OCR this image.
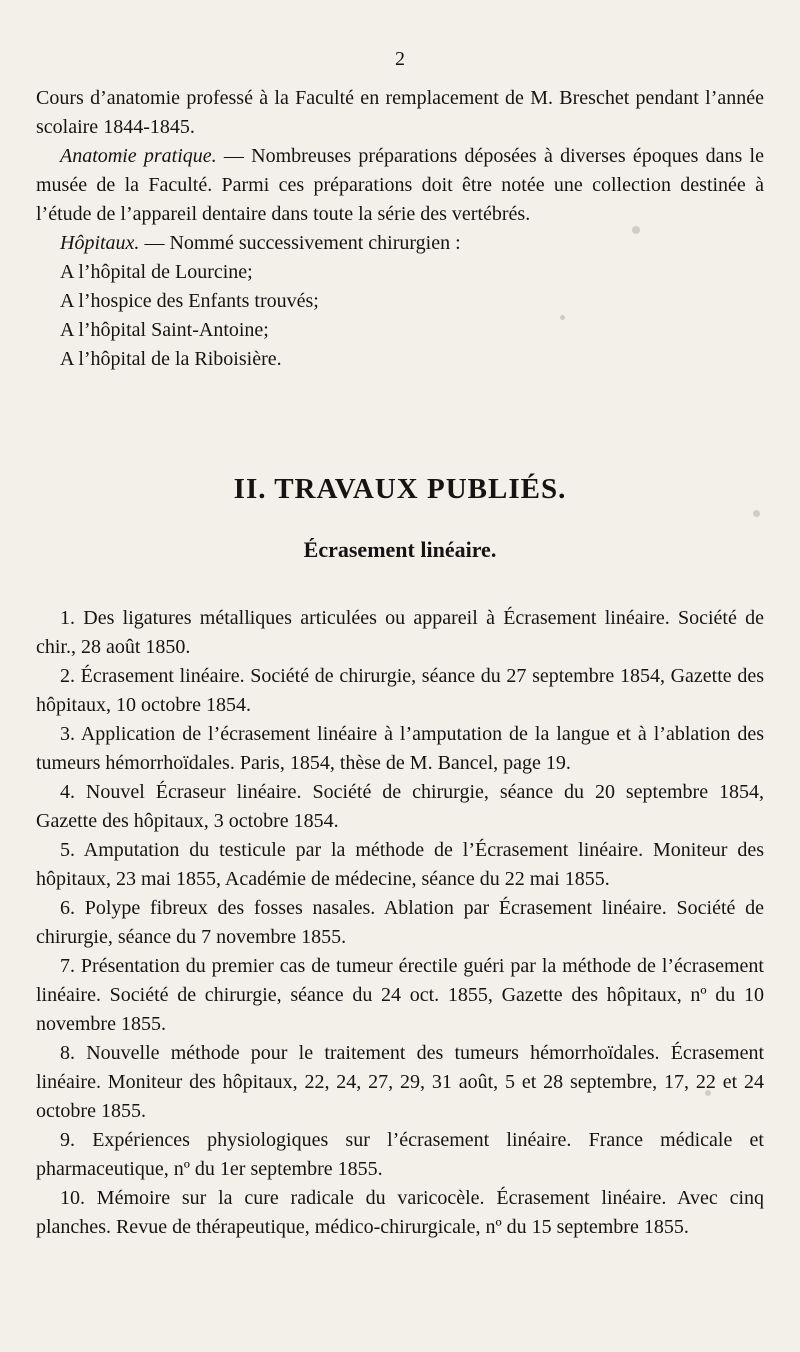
2

Cours d’anatomie professé à la Faculté en remplacement de M. Breschet pendant l’année scolaire 1844-1845.

Anatomie pratique. — Nombreuses préparations déposées à diverses époques dans le musée de la Faculté. Parmi ces préparations doit être notée une collection destinée à l’étude de l’appareil dentaire dans toute la série des vertébrés.

Hôpitaux. — Nommé successivement chirurgien :

A l’hôpital de Lourcine;
A l’hospice des Enfants trouvés;
A l’hôpital Saint-Antoine;
A l’hôpital de la Riboisière.
II. TRAVAUX PUBLIÉS.
Écrasement linéaire.

1. Des ligatures métalliques articulées ou appareil à Écrasement linéaire. Société de chir., 28 août 1850.

2. Écrasement linéaire. Société de chirurgie, séance du 27 septembre 1854, Gazette des hôpitaux, 10 octobre 1854.

3. Application de l’écrasement linéaire à l’amputation de la langue et à l’ablation des tumeurs hémorrhoïdales. Paris, 1854, thèse de M. Bancel, page 19.

4. Nouvel Écraseur linéaire. Société de chirurgie, séance du 20 septembre 1854, Gazette des hôpitaux, 3 octobre 1854.

5. Amputation du testicule par la méthode de l’Écrasement linéaire. Moniteur des hôpitaux, 23 mai 1855, Académie de médecine, séance du 22 mai 1855.

6. Polype fibreux des fosses nasales. Ablation par Écrasement linéaire. Société de chirurgie, séance du 7 novembre 1855.

7. Présentation du premier cas de tumeur érectile guéri par la méthode de l’écrasement linéaire. Société de chirurgie, séance du 24 oct. 1855, Gazette des hôpitaux, nº du 10 novembre 1855.

8. Nouvelle méthode pour le traitement des tumeurs hémorrhoïdales. Écrasement linéaire. Moniteur des hôpitaux, 22, 24, 27, 29, 31 août, 5 et 28 septembre, 17, 22 et 24 octobre 1855.

9. Expériences physiologiques sur l’écrasement linéaire. France médicale et pharmaceutique, nº du 1er septembre 1855.

10. Mémoire sur la cure radicale du varicocèle. Écrasement linéaire. Avec cinq planches. Revue de thérapeutique, médico-chirurgicale, nº du 15 septembre 1855.
